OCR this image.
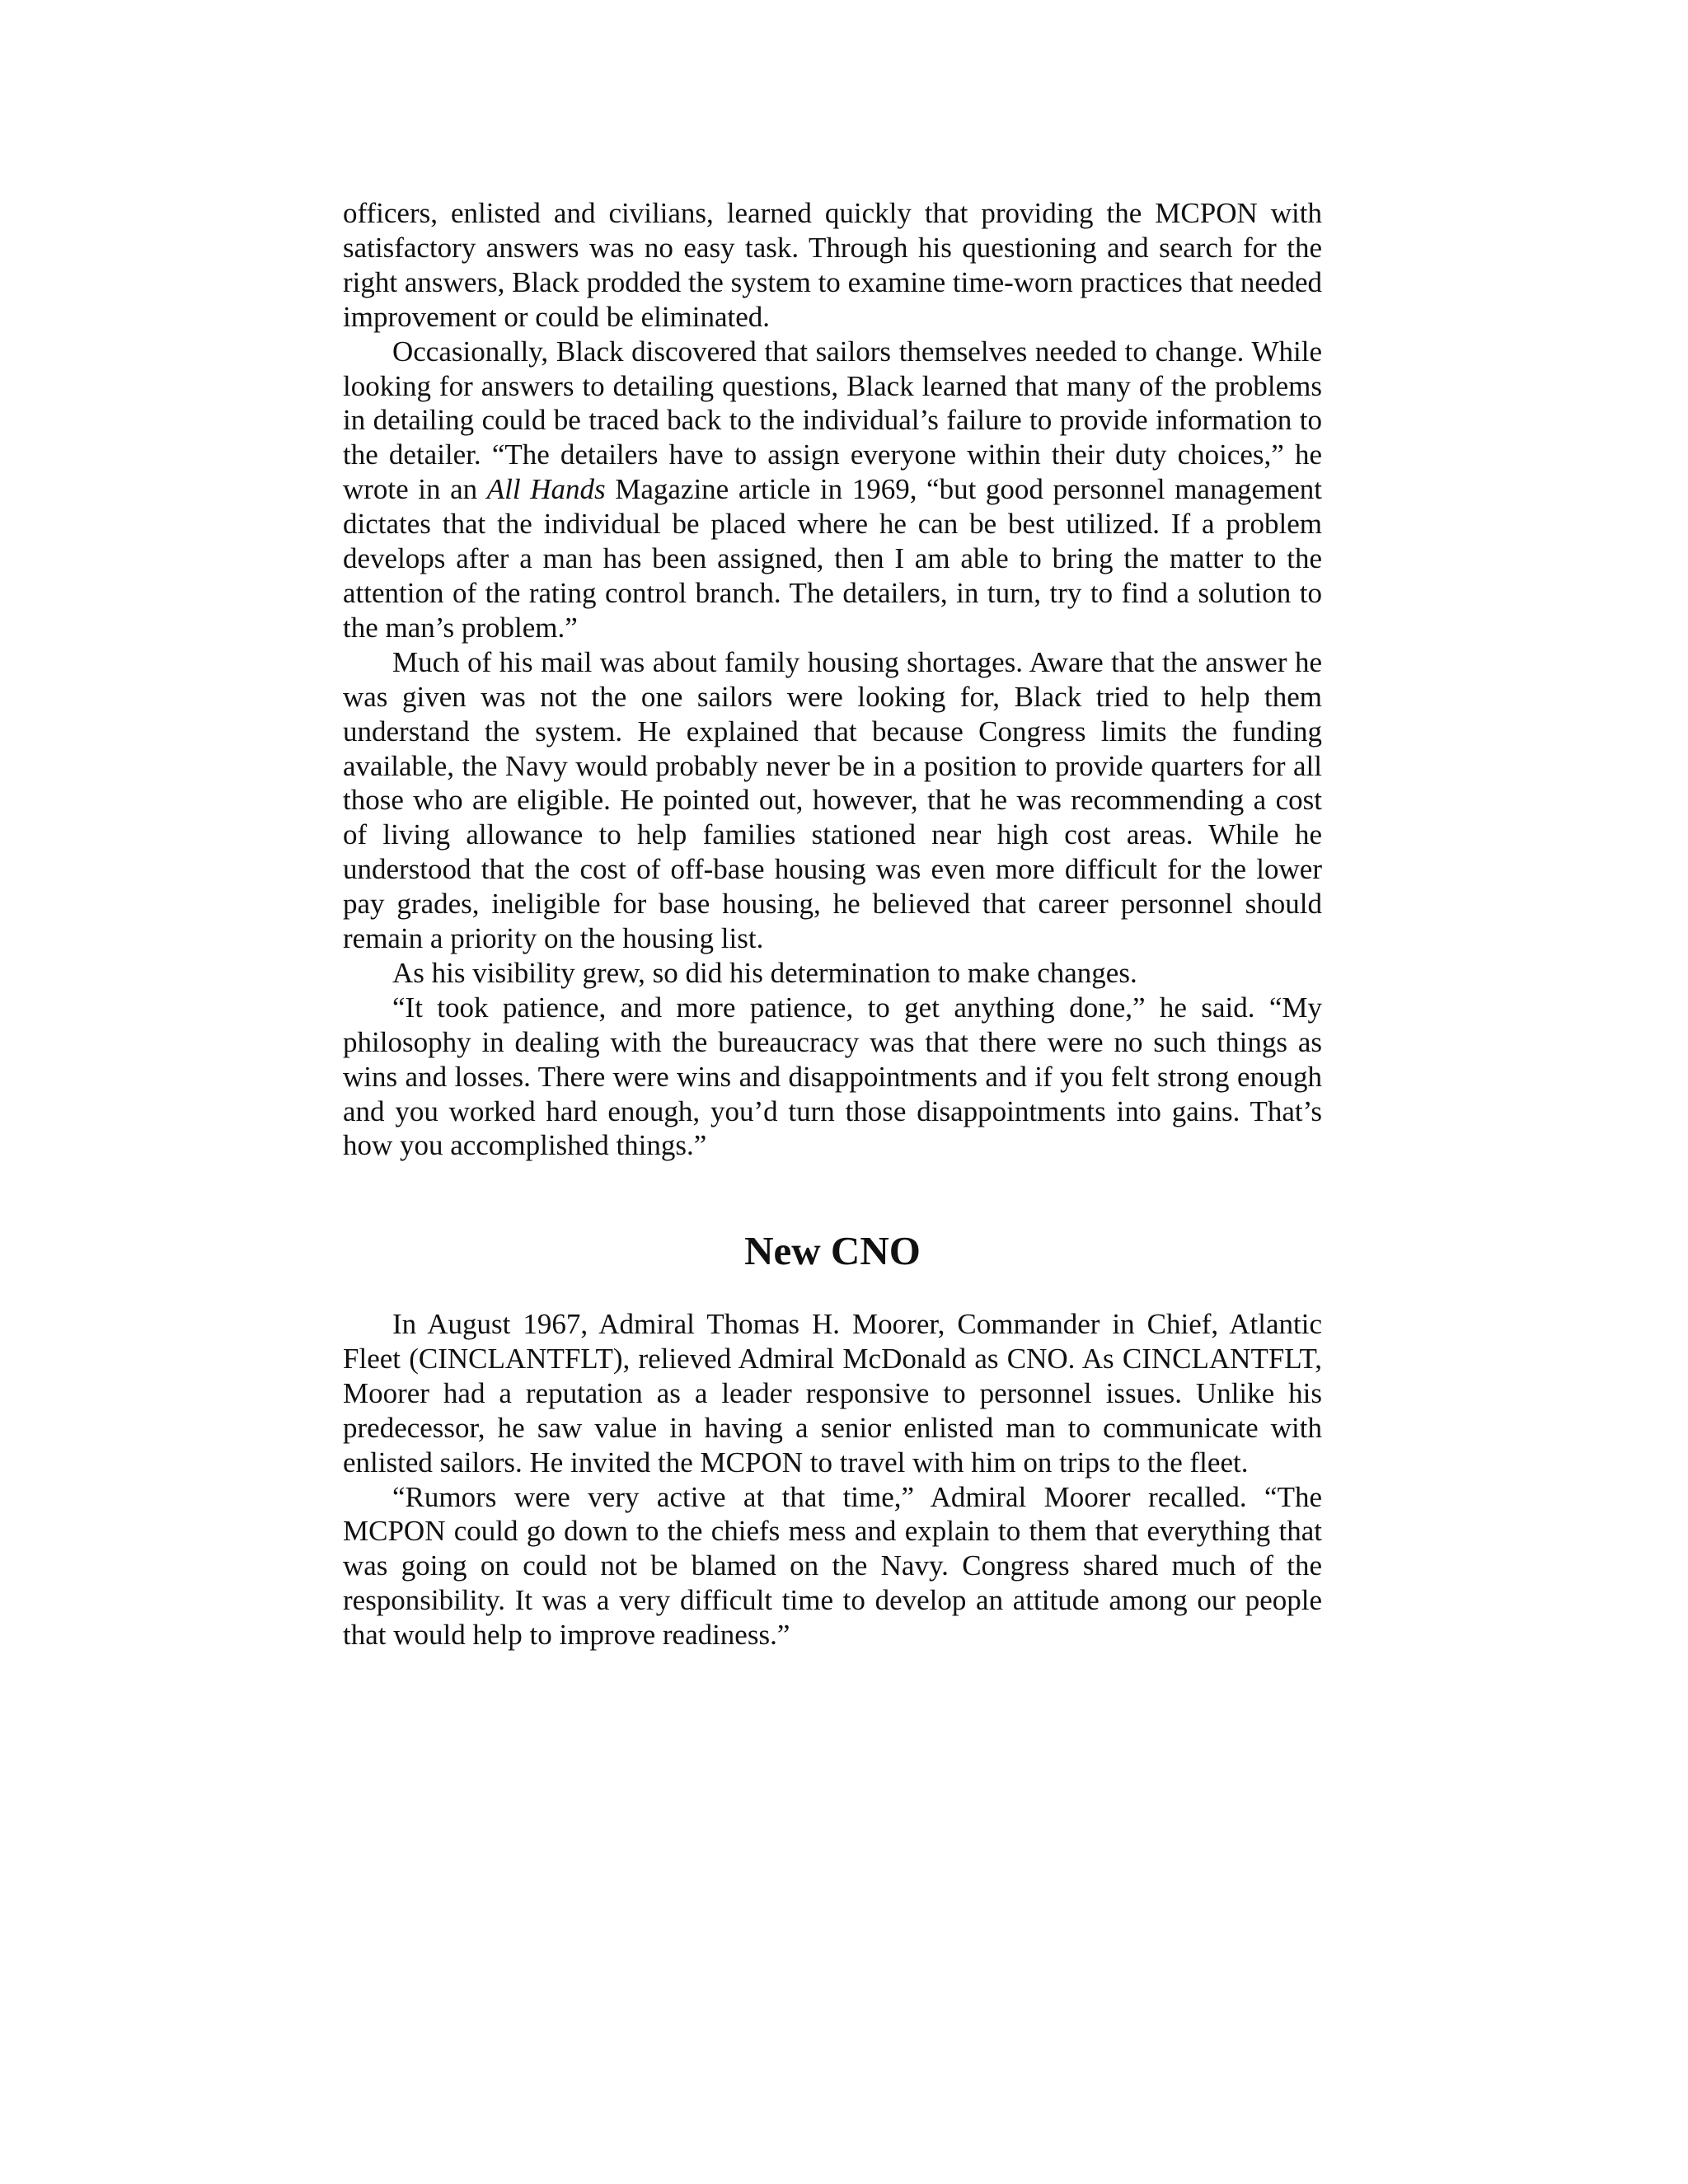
officers, enlisted and civilians, learned quickly that providing the MCPON with satisfactory answers was no easy task. Through his questioning and search for the right answers, Black prodded the system to examine time-worn practices that needed improvement or could be eliminated.

Occasionally, Black discovered that sailors themselves needed to change. While looking for answers to detailing questions, Black learned that many of the problems in detailing could be traced back to the individual’s failure to provide information to the detailer. “The detailers have to assign everyone within their duty choices,” he wrote in an All Hands Magazine article in 1969, “but good personnel management dictates that the individual be placed where he can be best utilized. If a problem develops after a man has been assigned, then I am able to bring the matter to the attention of the rating control branch. The detailers, in turn, try to find a solution to the man’s problem.”

Much of his mail was about family housing shortages. Aware that the answer he was given was not the one sailors were looking for, Black tried to help them understand the system. He explained that because Congress limits the funding available, the Navy would probably never be in a position to provide quarters for all those who are eligible. He pointed out, however, that he was recommending a cost of living allowance to help families stationed near high cost areas. While he understood that the cost of off-base housing was even more difficult for the lower pay grades, ineligible for base housing, he believed that career personnel should remain a priority on the housing list.

As his visibility grew, so did his determination to make changes.

“It took patience, and more patience, to get anything done,” he said. “My philosophy in dealing with the bureaucracy was that there were no such things as wins and losses. There were wins and disappointments and if you felt strong enough and you worked hard enough, you’d turn those disappointments into gains. That’s how you accomplished things.”

New CNO

In August 1967, Admiral Thomas H. Moorer, Commander in Chief, Atlantic Fleet (CINCLANTFLT), relieved Admiral McDonald as CNO. As CINCLANTFLT, Moorer had a reputation as a leader responsive to personnel issues. Unlike his predecessor, he saw value in having a senior enlisted man to communicate with enlisted sailors. He invited the MCPON to travel with him on trips to the fleet.

“Rumors were very active at that time,” Admiral Moorer recalled. “The MCPON could go down to the chiefs mess and explain to them that everything that was going on could not be blamed on the Navy. Congress shared much of the responsibility. It was a very difficult time to develop an attitude among our people that would help to improve readiness.”
